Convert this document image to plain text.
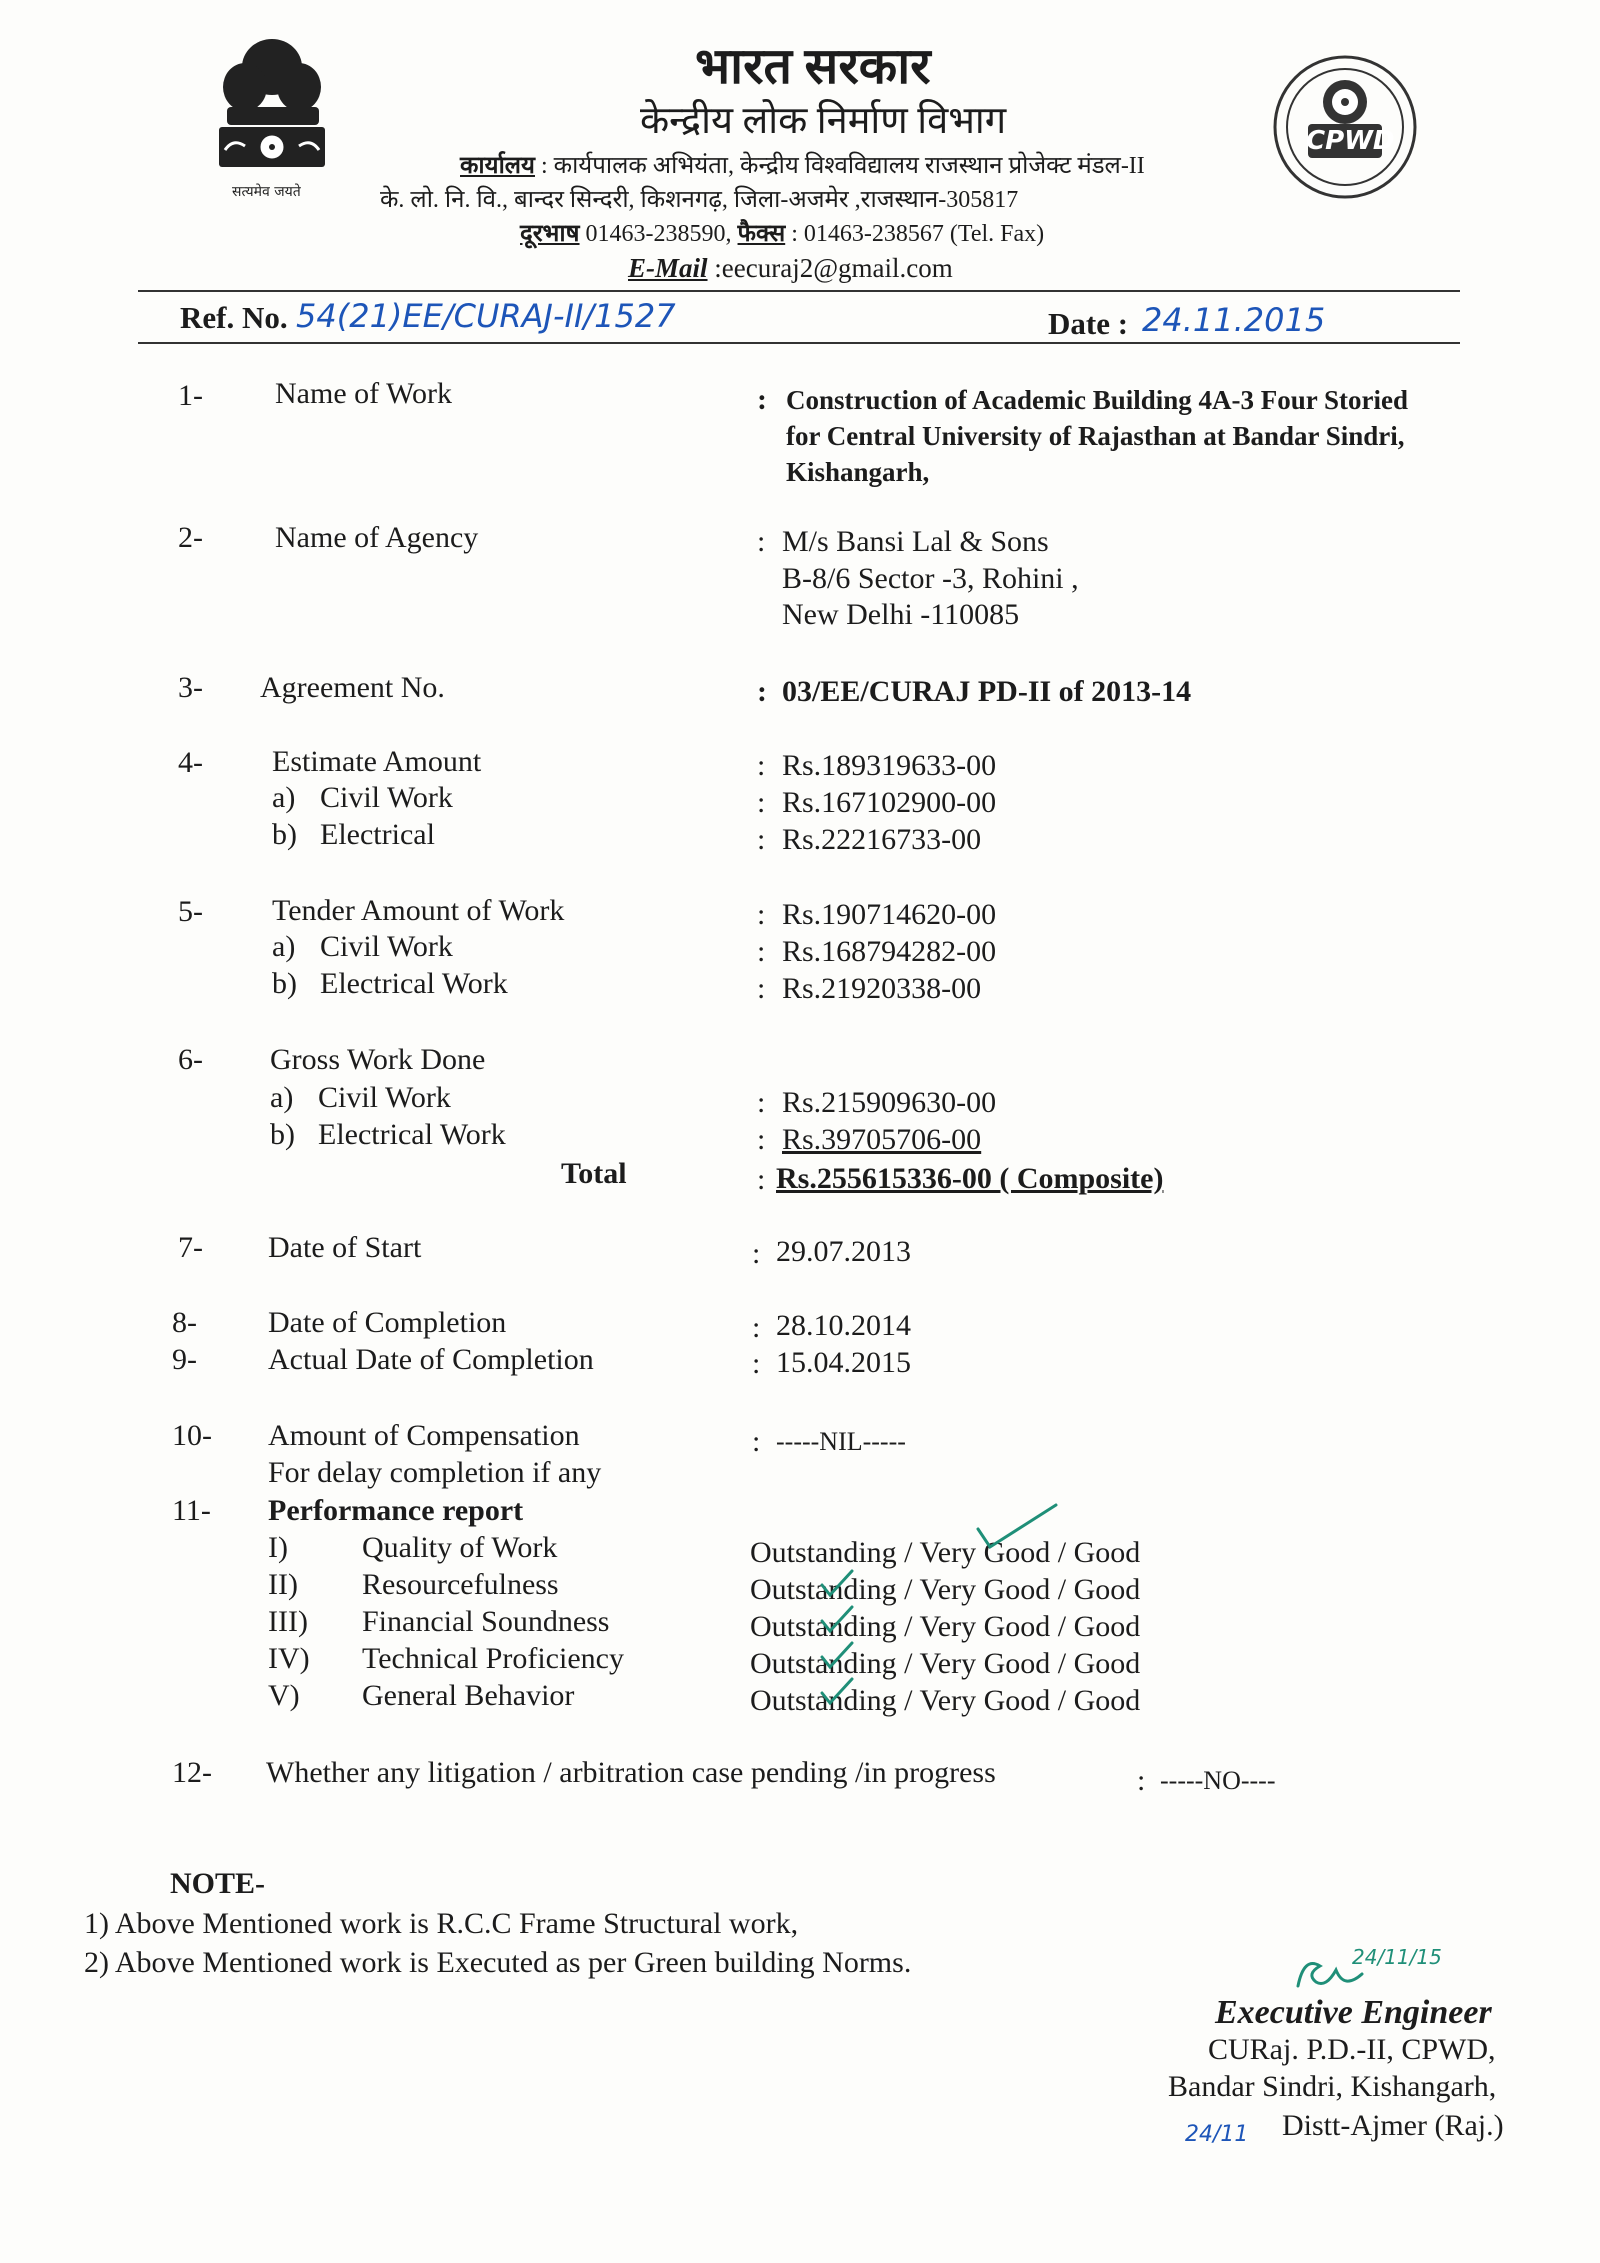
सत्यमेव जयते
भारत सरकार
केन्द्रीय लोक निर्माण विभाग
कार्यालय : कार्यपालक अभियंता, केन्द्रीय विश्वविद्यालय राजस्थान प्रोजेक्ट मंडल-II
के. लो. नि. वि., बान्दर सिन्दरी, किशनगढ़, जिला-अजमेर ,राजस्थान-305817
दूरभाष 01463-238590, फैक्स : 01463-238567 (Tel. Fax)
E-Mail :eecuraj2@gmail.com
CPWD
Ref. No. 54(21)EE/CURAJ-II/1527	Date : 24.11.2015
1- Name of Work	: Construction of Academic Building 4A-3 Four Storied
for Central University of Rajasthan at Bandar Sindri,
Kishangarh,
2- Name of Agency	: M/s Bansi Lal & Sons
B-8/6 Sector -3, Rohini ,
New Delhi -110085
3- Agreement No.	: 03/EE/CURAJ PD-II of 2013-14
4- Estimate Amount	: Rs.189319633-00
a) Civil Work	: Rs.167102900-00
b) Electrical	: Rs.22216733-00
5- Tender Amount of Work	: Rs.190714620-00
a) Civil Work	: Rs.168794282-00
b) Electrical Work	: Rs.21920338-00
6- Gross Work Done
a) Civil Work	: Rs.215909630-00
b) Electrical Work	: Rs.39705706-00
Total	: Rs.255615336-00 ( Composite)
7- Date of Start	: 29.07.2013
8- Date of Completion	: 28.10.2014
9- Actual Date of Completion	: 15.04.2015
10- Amount of Compensation
For delay completion if any
: -----NIL-----
11- Performance report
I) Quality of Work	Outstanding / Very Good / Good
II) Resourcefulness	Outstanding / Very Good / Good
III) Financial Soundness	Outstanding / Very Good / Good
IV) Technical Proficiency	Outstanding / Very Good / Good
V) General Behavior	Outstanding / Very Good / Good
12- Whether any litigation / arbitration case pending /in progress	: -----NO----
NOTE-
1) Above Mentioned work is R.C.C Frame Structural work,
2) Above Mentioned work is Executed as per Green building Norms.	24/11/15
Executive Engineer
CURaj. P.D.-II, CPWD,
Bandar Sindri, Kishangarh,
Distt-Ajmer (Raj.)
24/11
